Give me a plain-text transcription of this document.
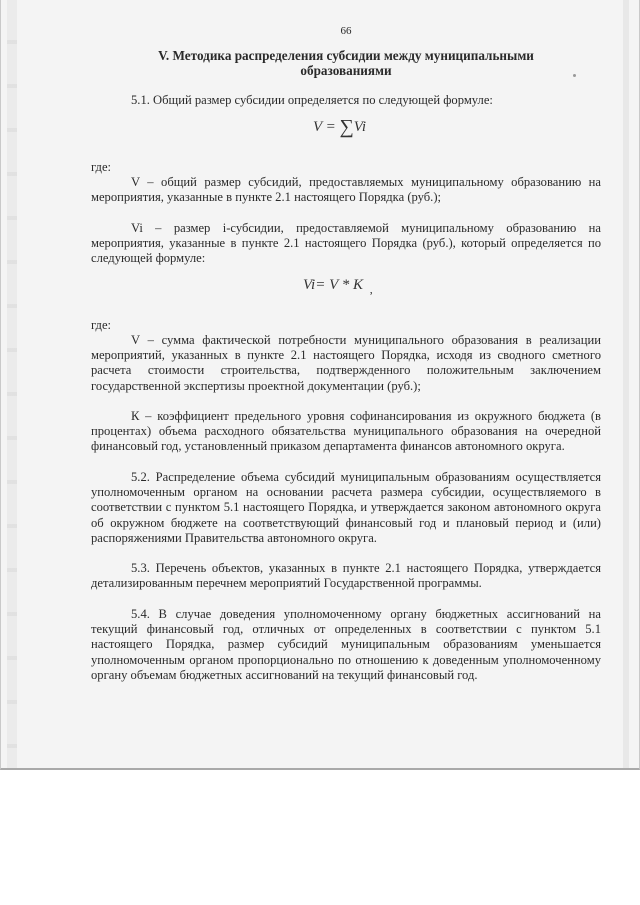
66
V. Методика распределения субсидии между муниципальными образованиями

5.1. Общий размер субсидии определяется по следующей формуле:

V = ∑Vi

где:

V – общий размер субсидий, предоставляемых муниципальному образованию на мероприятия, указанные в пункте 2.1 настоящего Порядка (руб.);

Vi – размер i-субсидии, предоставляемой муниципальному образованию на мероприятия, указанные в пункте 2.1 настоящего Порядка (руб.), который определяется по следующей формуле:

Vi= V * K $_,$

где:

V – сумма фактической потребности муниципального образования в реализации мероприятий, указанных в пункте 2.1 настоящего Порядка, исходя из сводного сметного расчета стоимости строительства, подтвержденного положительным заключением государственной экспертизы проектной документации (руб.);

К – коэффициент предельного уровня софинансирования из окружного бюджета (в процентах) объема расходного обязательства муниципального образования на очередной финансовый год, установленный приказом департамента финансов автономного округа.

5.2. Распределение объема субсидий муниципальным образованиям осуществляется уполномоченным органом на основании расчета размера субсидии, осуществляемого в соответствии с пунктом 5.1 настоящего Порядка, и утверждается законом автономного округа об окружном бюджете на соответствующий финансовый год и плановый период и (или) распоряжениями Правительства автономного округа.

5.3. Перечень объектов, указанных в пункте 2.1 настоящего Порядка, утверждается детализированным перечнем мероприятий Государственной программы.

5.4. В случае доведения уполномоченному органу бюджетных ассигнований на текущий финансовый год, отличных от определенных в соответствии с пунктом 5.1 настоящего Порядка, размер субсидий муниципальным образованиям уменьшается уполномоченным органом пропорционально по отношению к доведенным уполномоченному органу объемам бюджетных ассигнований на текущий финансовый год.
